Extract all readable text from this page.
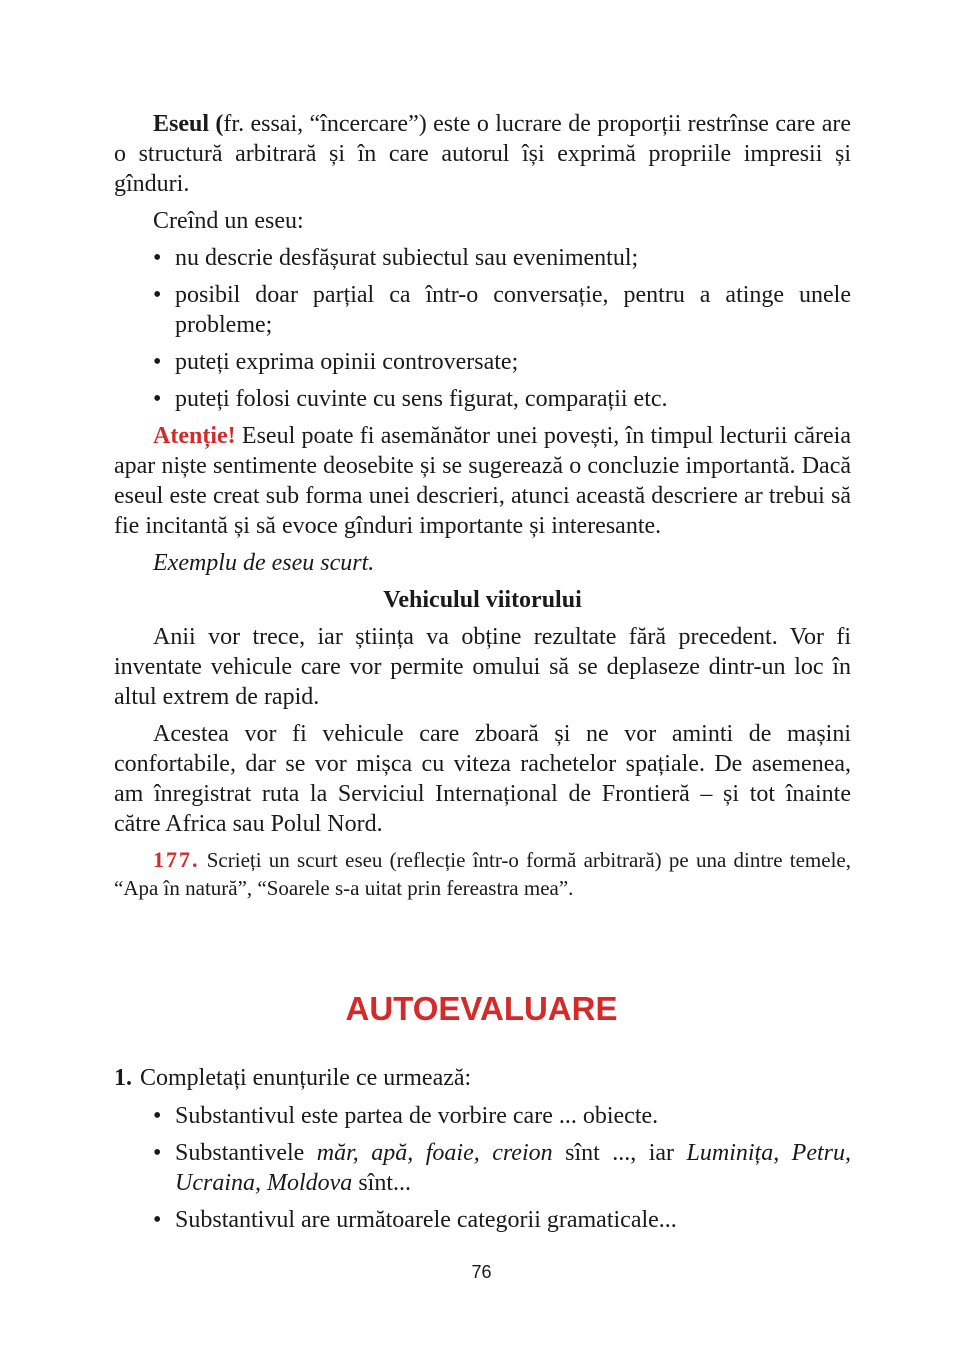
Eseul (fr. essai, “încercare”) este o lucrare de proporții restrînse care are o structură arbitrară și în care autorul își exprimă propriile impresii și gînduri.

Creînd un eseu:

• nu descrie desfășurat subiectul sau evenimentul;
• posibil doar parțial ca într-o conversație, pentru a atinge unele probleme;
• puteți exprima opinii controversate;
• puteți folosi cuvinte cu sens figurat, comparații etc.

Atenție! Eseul poate fi asemănător unei povești, în timpul lecturii căreia apar niște sentimente deosebite și se sugerează o concluzie importantă. Dacă eseul este creat sub forma unei descrieri, atunci această descriere ar trebui să fie incitantă și să evoce gînduri importante și interesante.

Exemplu de eseu scurt.

Vehiculul viitorului

Anii vor trece, iar știința va obține rezultate fără precedent. Vor fi inventate vehicule care vor permite omului să se deplaseze dintr-un loc în altul extrem de rapid.

Acestea vor fi vehicule care zboară și ne vor aminti de mașini confortabile, dar se vor mișca cu viteza rachetelor spațiale. De asemenea, am înregistrat ruta la Serviciul Internațional de Frontieră – și tot înainte către Africa sau Polul Nord.

177. Scrieți un scurt eseu (reflecție într-o formă arbitrară) pe una dintre temele, “Apa în natură”, “Soarele s-a uitat prin fereastra mea”.

AUTOEVALUARE
1. Completați enunțurile ce urmează:
• Substantivul este partea de vorbire care ... obiecte.
• Substantivele măr, apă, foaie, creion sînt ..., iar Luminița, Petru, Ucraina, Moldova sînt...
• Substantivul are următoarele categorii gramaticale...
76
